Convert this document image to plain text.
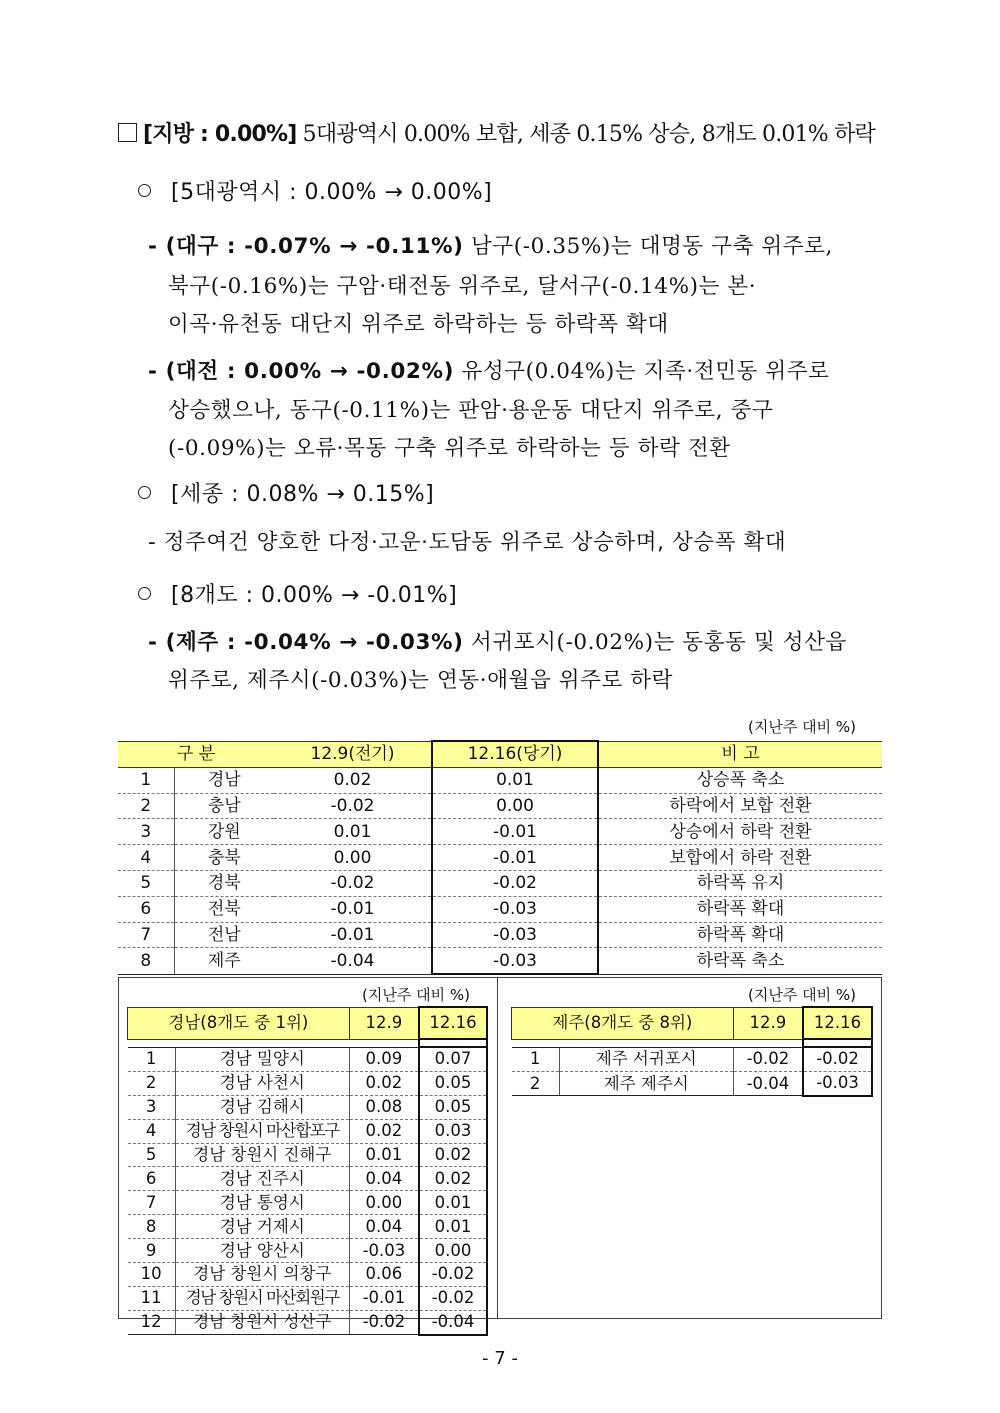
[지방 : 0.00%] 5대광역시 0.00% 보합, 세종 0.15% 상승, 8개도 0.01% 하락
[5대광역시 : 0.00% → 0.00%]
- (대구 : -0.07% → -0.11%) 남구(-0.35%)는 대명동 구축 위주로,
북구(-0.16%)는 구암·태전동 위주로, 달서구(-0.14%)는 본·
이곡·유천동 대단지 위주로 하락하는 등 하락폭 확대
- (대전 : 0.00% → -0.02%) 유성구(0.04%)는 지족·전민동 위주로
상승했으나, 동구(-0.11%)는 판암·용운동 대단지 위주로, 중구
(-0.09%)는 오류·목동 구축 위주로 하락하는 등 하락 전환
[세종 : 0.08% → 0.15%]
- 정주여건 양호한 다정·고운·도담동 위주로 상승하며, 상승폭 확대
[8개도 : 0.00% → -0.01%]
- (제주 : -0.04% → -0.03%) 서귀포시(-0.02%)는 동홍동 및 성산읍
위주로, 제주시(-0.03%)는 연동·애월읍 위주로 하락
(지난주 대비 %)
구 분		12.9(전기)	12.16(당기)	비 고
1	경남	0.02	0.01	상승폭 축소
2	충남	-0.02	0.00	하락에서 보합 전환
3	강원	0.01	-0.01	상승에서 하락 전환
4	충북	0.00	-0.01	보합에서 하락 전환
5	경북	-0.02	-0.02	하락폭 유지
6	전북	-0.01	-0.03	하락폭 확대
7	전남	-0.01	-0.03	하락폭 확대
8	제주	-0.04	-0.03	하락폭 축소
(지난주 대비 %)
경남(8개도 중 1위)		12.9	12.16

1	경남 밀양시	0.09	0.07
2	경남 사천시	0.02	0.05
3	경남 김해시	0.08	0.05
4	경남 창원시 마산합포구	0.02	0.03
5	경남 창원시 진해구	0.01	0.02
6	경남 진주시	0.04	0.02
7	경남 통영시	0.00	0.01
8	경남 거제시	0.04	0.01
9	경남 양산시	-0.03	0.00
10	경남 창원시 의창구	0.06	-0.02
11	경남 창원시 마산회원구	-0.01	-0.02
12	경남 창원시 성산구	-0.02	-0.04
(지난주 대비 %)
제주(8개도 중 8위)		12.9	12.16

1	제주 서귀포시	-0.02	-0.02
2	제주 제주시	-0.04	-0.03
- 7 -
